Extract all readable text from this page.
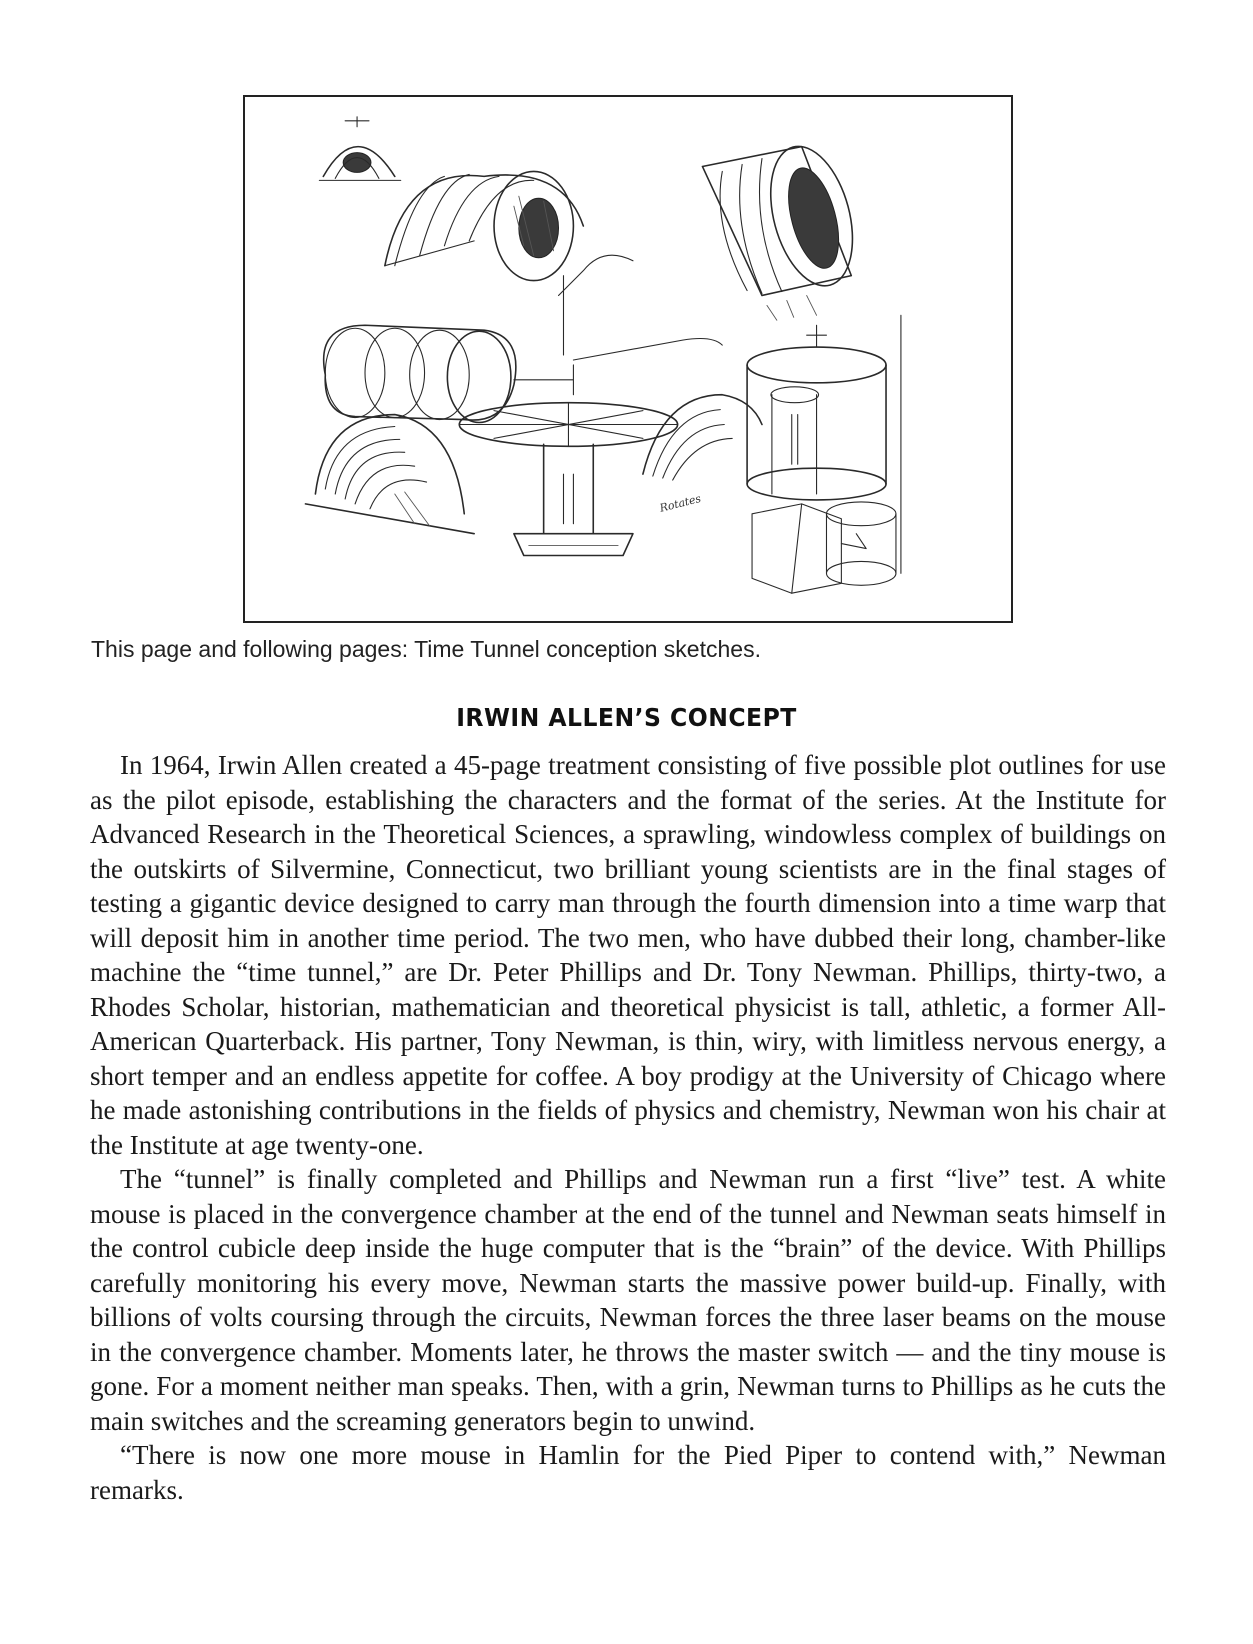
Rotates
This page and following pages: Time Tunnel conception sketches.
IRWIN ALLEN’S CONCEPT

In 1964, Irwin Allen created a 45-page treatment consisting of five possible plot outlines for use as the pilot episode, establishing the characters and the format of the series. At the Institute for Advanced Research in the Theoretical Sciences, a sprawling, windowless complex of buildings on the outskirts of Silvermine, Connecticut, two brilliant young scientists are in the final stages of testing a gigantic device designed to carry man through the fourth dimension into a time warp that will deposit him in another time period. The two men, who have dubbed their long, chamber-like machine the “time tunnel,” are Dr. Peter Phillips and Dr. Tony Newman. Phillips, thirty-two, a Rhodes Scholar, historian, mathematician and theoretical physicist is tall, athletic, a former All-American Quarterback. His partner, Tony Newman, is thin, wiry, with limitless nervous energy, a short temper and an endless appetite for coffee. A boy prodigy at the University of Chicago where he made astonishing contributions in the fields of physics and chemistry, Newman won his chair at the Institute at age twenty-one.

The “tunnel” is finally completed and Phillips and Newman run a first “live” test. A white mouse is placed in the convergence chamber at the end of the tunnel and Newman seats himself in the control cubicle deep inside the huge computer that is the “brain” of the device. With Phillips carefully monitoring his every move, Newman starts the massive power build-up. Finally, with billions of volts coursing through the circuits, Newman forces the three laser beams on the mouse in the convergence chamber. Moments later, he throws the master switch — and the tiny mouse is gone. For a moment neither man speaks. Then, with a grin, Newman turns to Phillips as he cuts the main switches and the screaming generators begin to unwind.

“There is now one more mouse in Hamlin for the Pied Piper to contend with,” Newman remarks.
